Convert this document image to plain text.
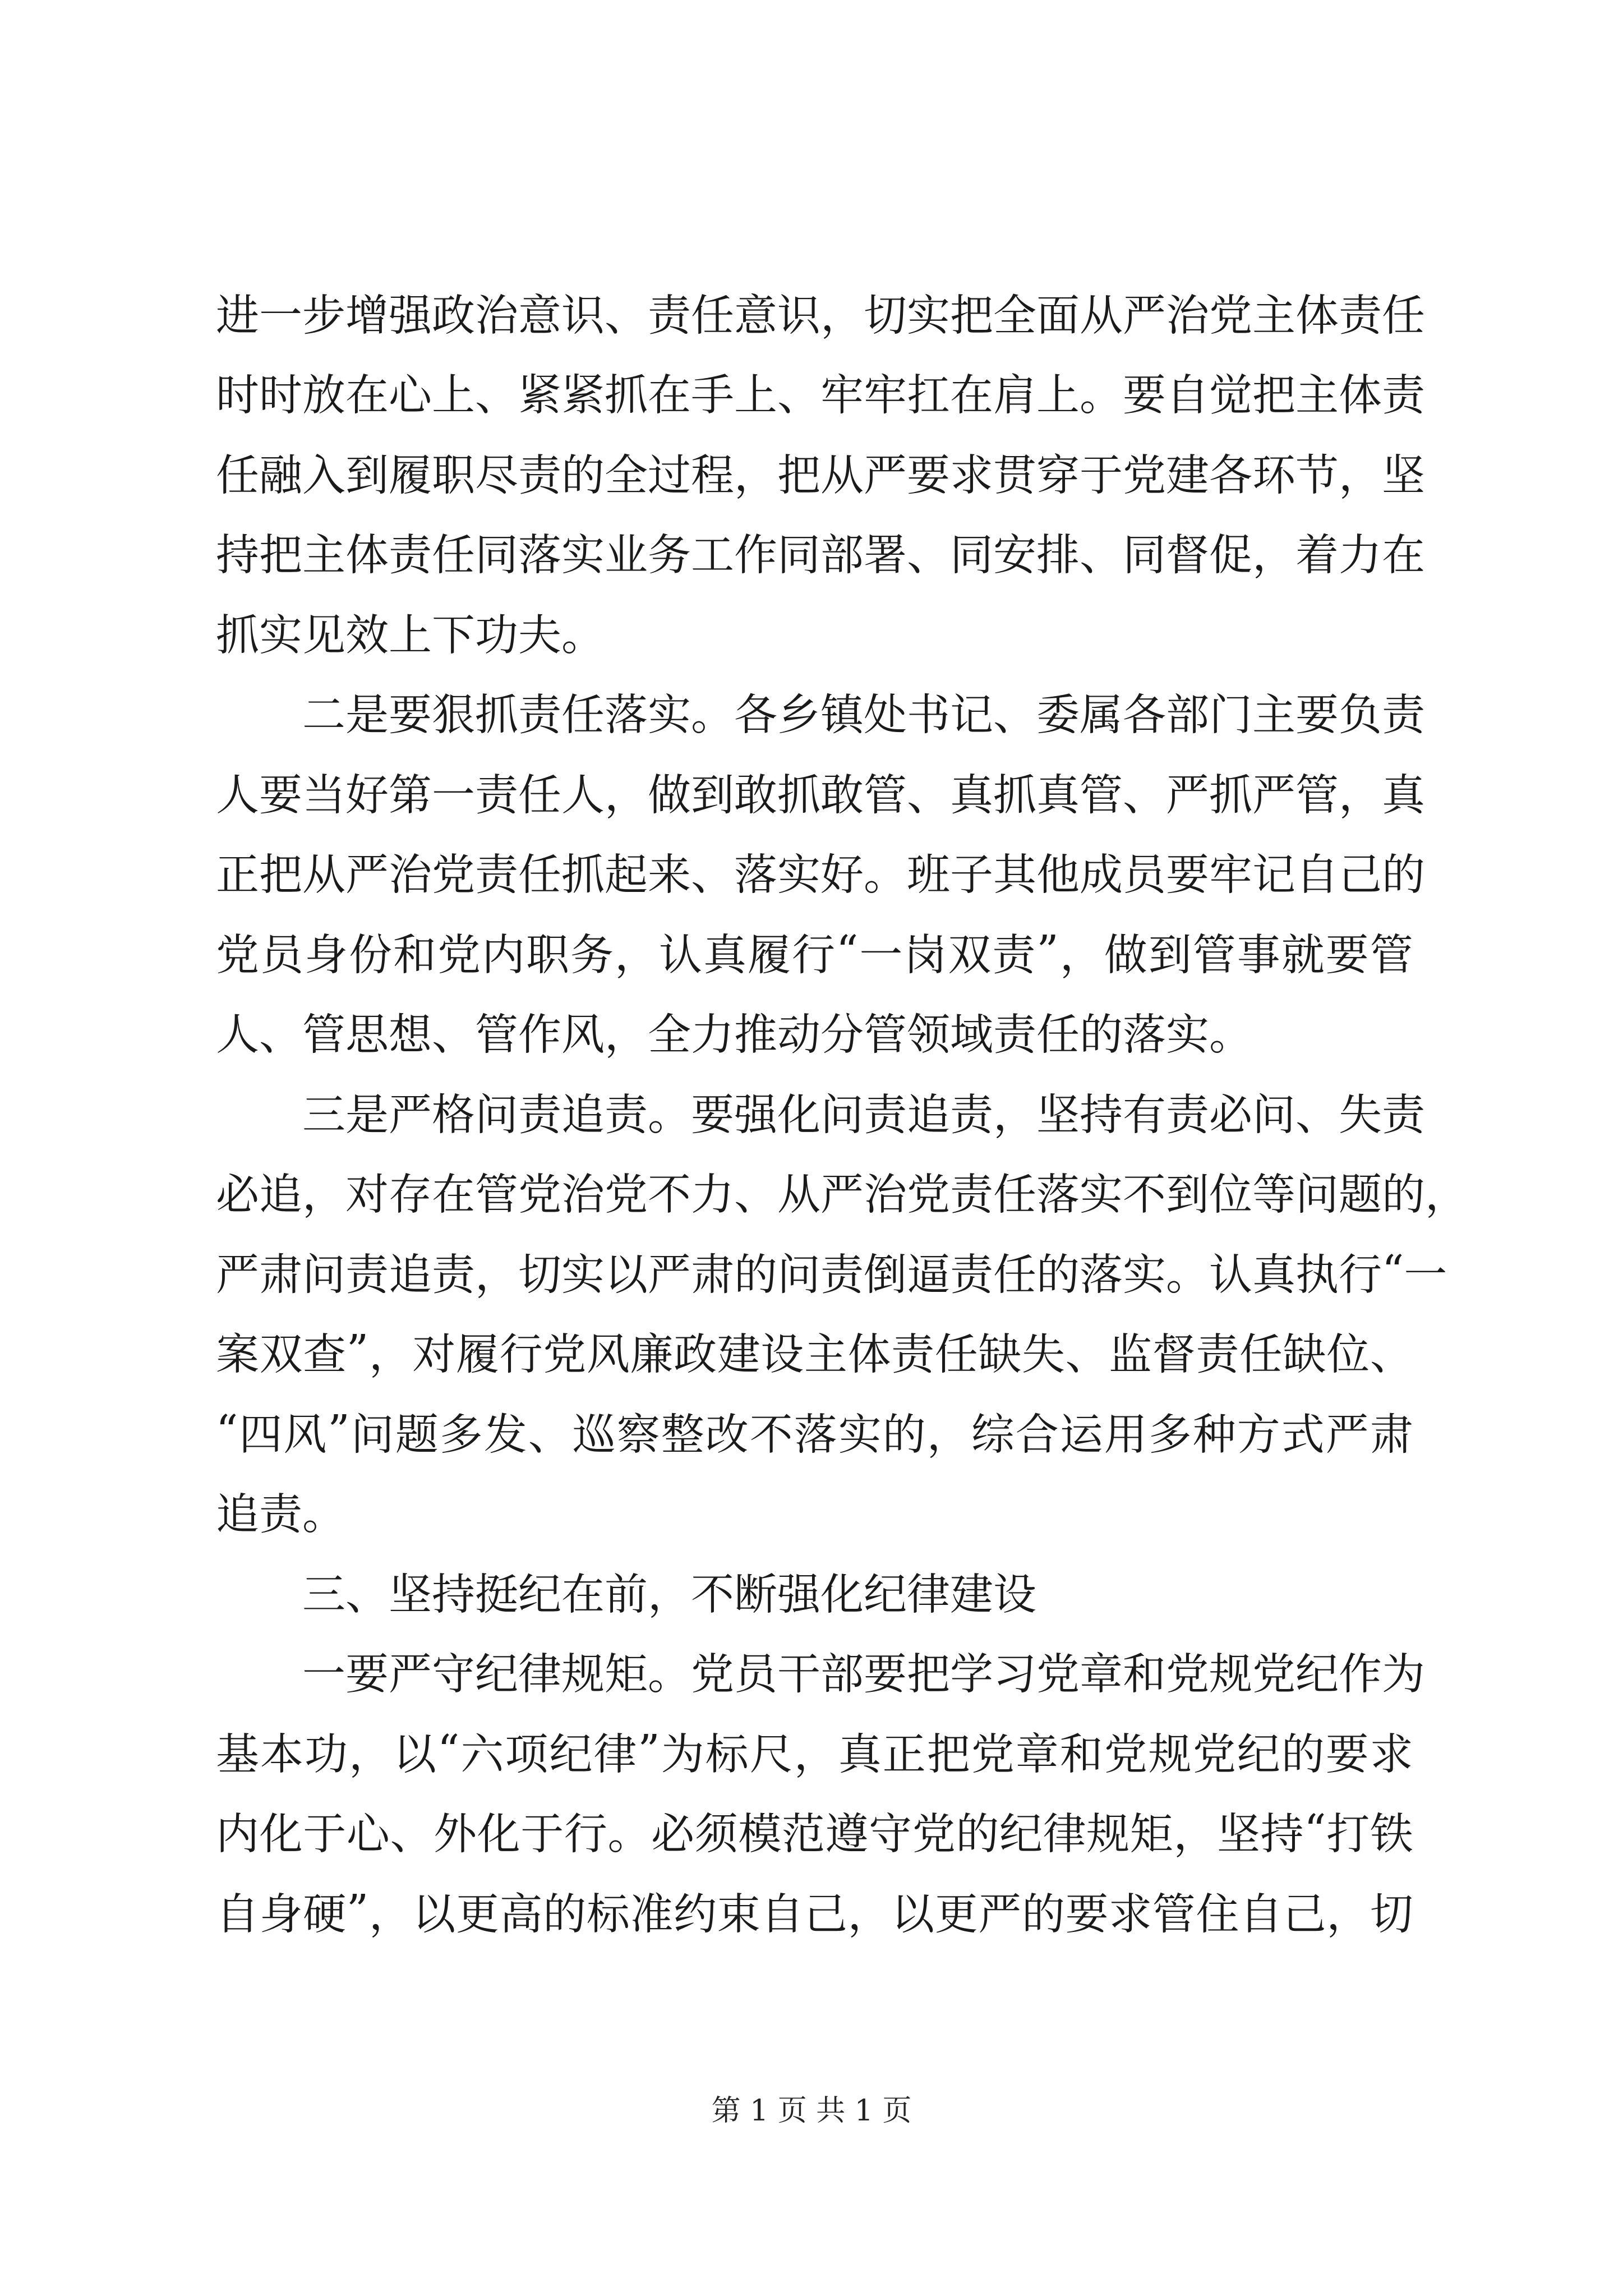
进 一 步 增 强 政 治 意 识 、 责 任 意 识 ， 切 实 把 全 面 从 严 治 党 主 体 责 任
时 时 放 在 心 上 、 紧 紧 抓 在 手 上 、 牢 牢 扛 在 肩 上 。 要 自 觉 把 主 体 责
任 融 入 到 履 职 尽 责 的 全 过 程 ， 把 从 严 要 求 贯 穿 于 党 建 各 环 节 ， 坚
持 把 主 体 责 任 同 落 实 业 务 工 作 同 部 署 、 同 安 排 、 同 督 促 ， 着 力 在
抓实见效上下功夫。
二是要狠抓责任落实。各乡镇处书记、委属各部门主要负责
人 要 当 好 第 一 责 任 人 ， 做 到 敢 抓 敢 管 、 真 抓 真 管 、 严 抓 严 管 ， 真
正 把 从 严 治 党 责 任 抓 起 来 、 落 实 好 。 班 子 其 他 成 员 要 牢 记 自 己 的
党 员 身 份 和 党 内 职 务 ， 认 真 履 行 “ 一 岗 双 责 ” ， 做 到 管 事 就 要 管
人、管思想、管作风，全力推动分管领域责任的落实。
三是严格问责追责。要强化问责追责，坚持有责必问、失责
必 追 ， 对 存 在 管 党 治 党 不 力 、 从 严 治 党 责 任 落 实 不 到 位 等 问 题 的 ，
严 肃 问 责 追 责 ， 切 实 以 严 肃 的 问 责 倒 逼 责 任 的 落 实 。 认 真 执 行 “ 一
案 双 查 ” ， 对 履 行 党 风 廉 政 建 设 主 体 责 任 缺 失 、 监 督 责 任 缺 位 、
“ 四 风 ” 问 题 多 发 、 巡 察 整 改 不 落 实 的 ， 综 合 运 用 多 种 方 式 严 肃
追责。
三、坚持挺纪在前，不断强化纪律建设
一要严守纪律规矩。党员干部要把学习党章和党规党纪作为
基 本 功 ， 以 “ 六 项 纪 律 ” 为 标 尺 ， 真 正 把 党 章 和 党 规 党 纪 的 要 求
内 化 于 心 、 外 化 于 行 。 必 须 模 范 遵 守 党 的 纪 律 规 矩 ， 坚 持 “ 打 铁
自 身 硬 ” ， 以 更 高 的 标 准 约 束 自 己 ， 以 更 严 的 要 求 管 住 自 己 ， 切
第 1 页 共 1 页
